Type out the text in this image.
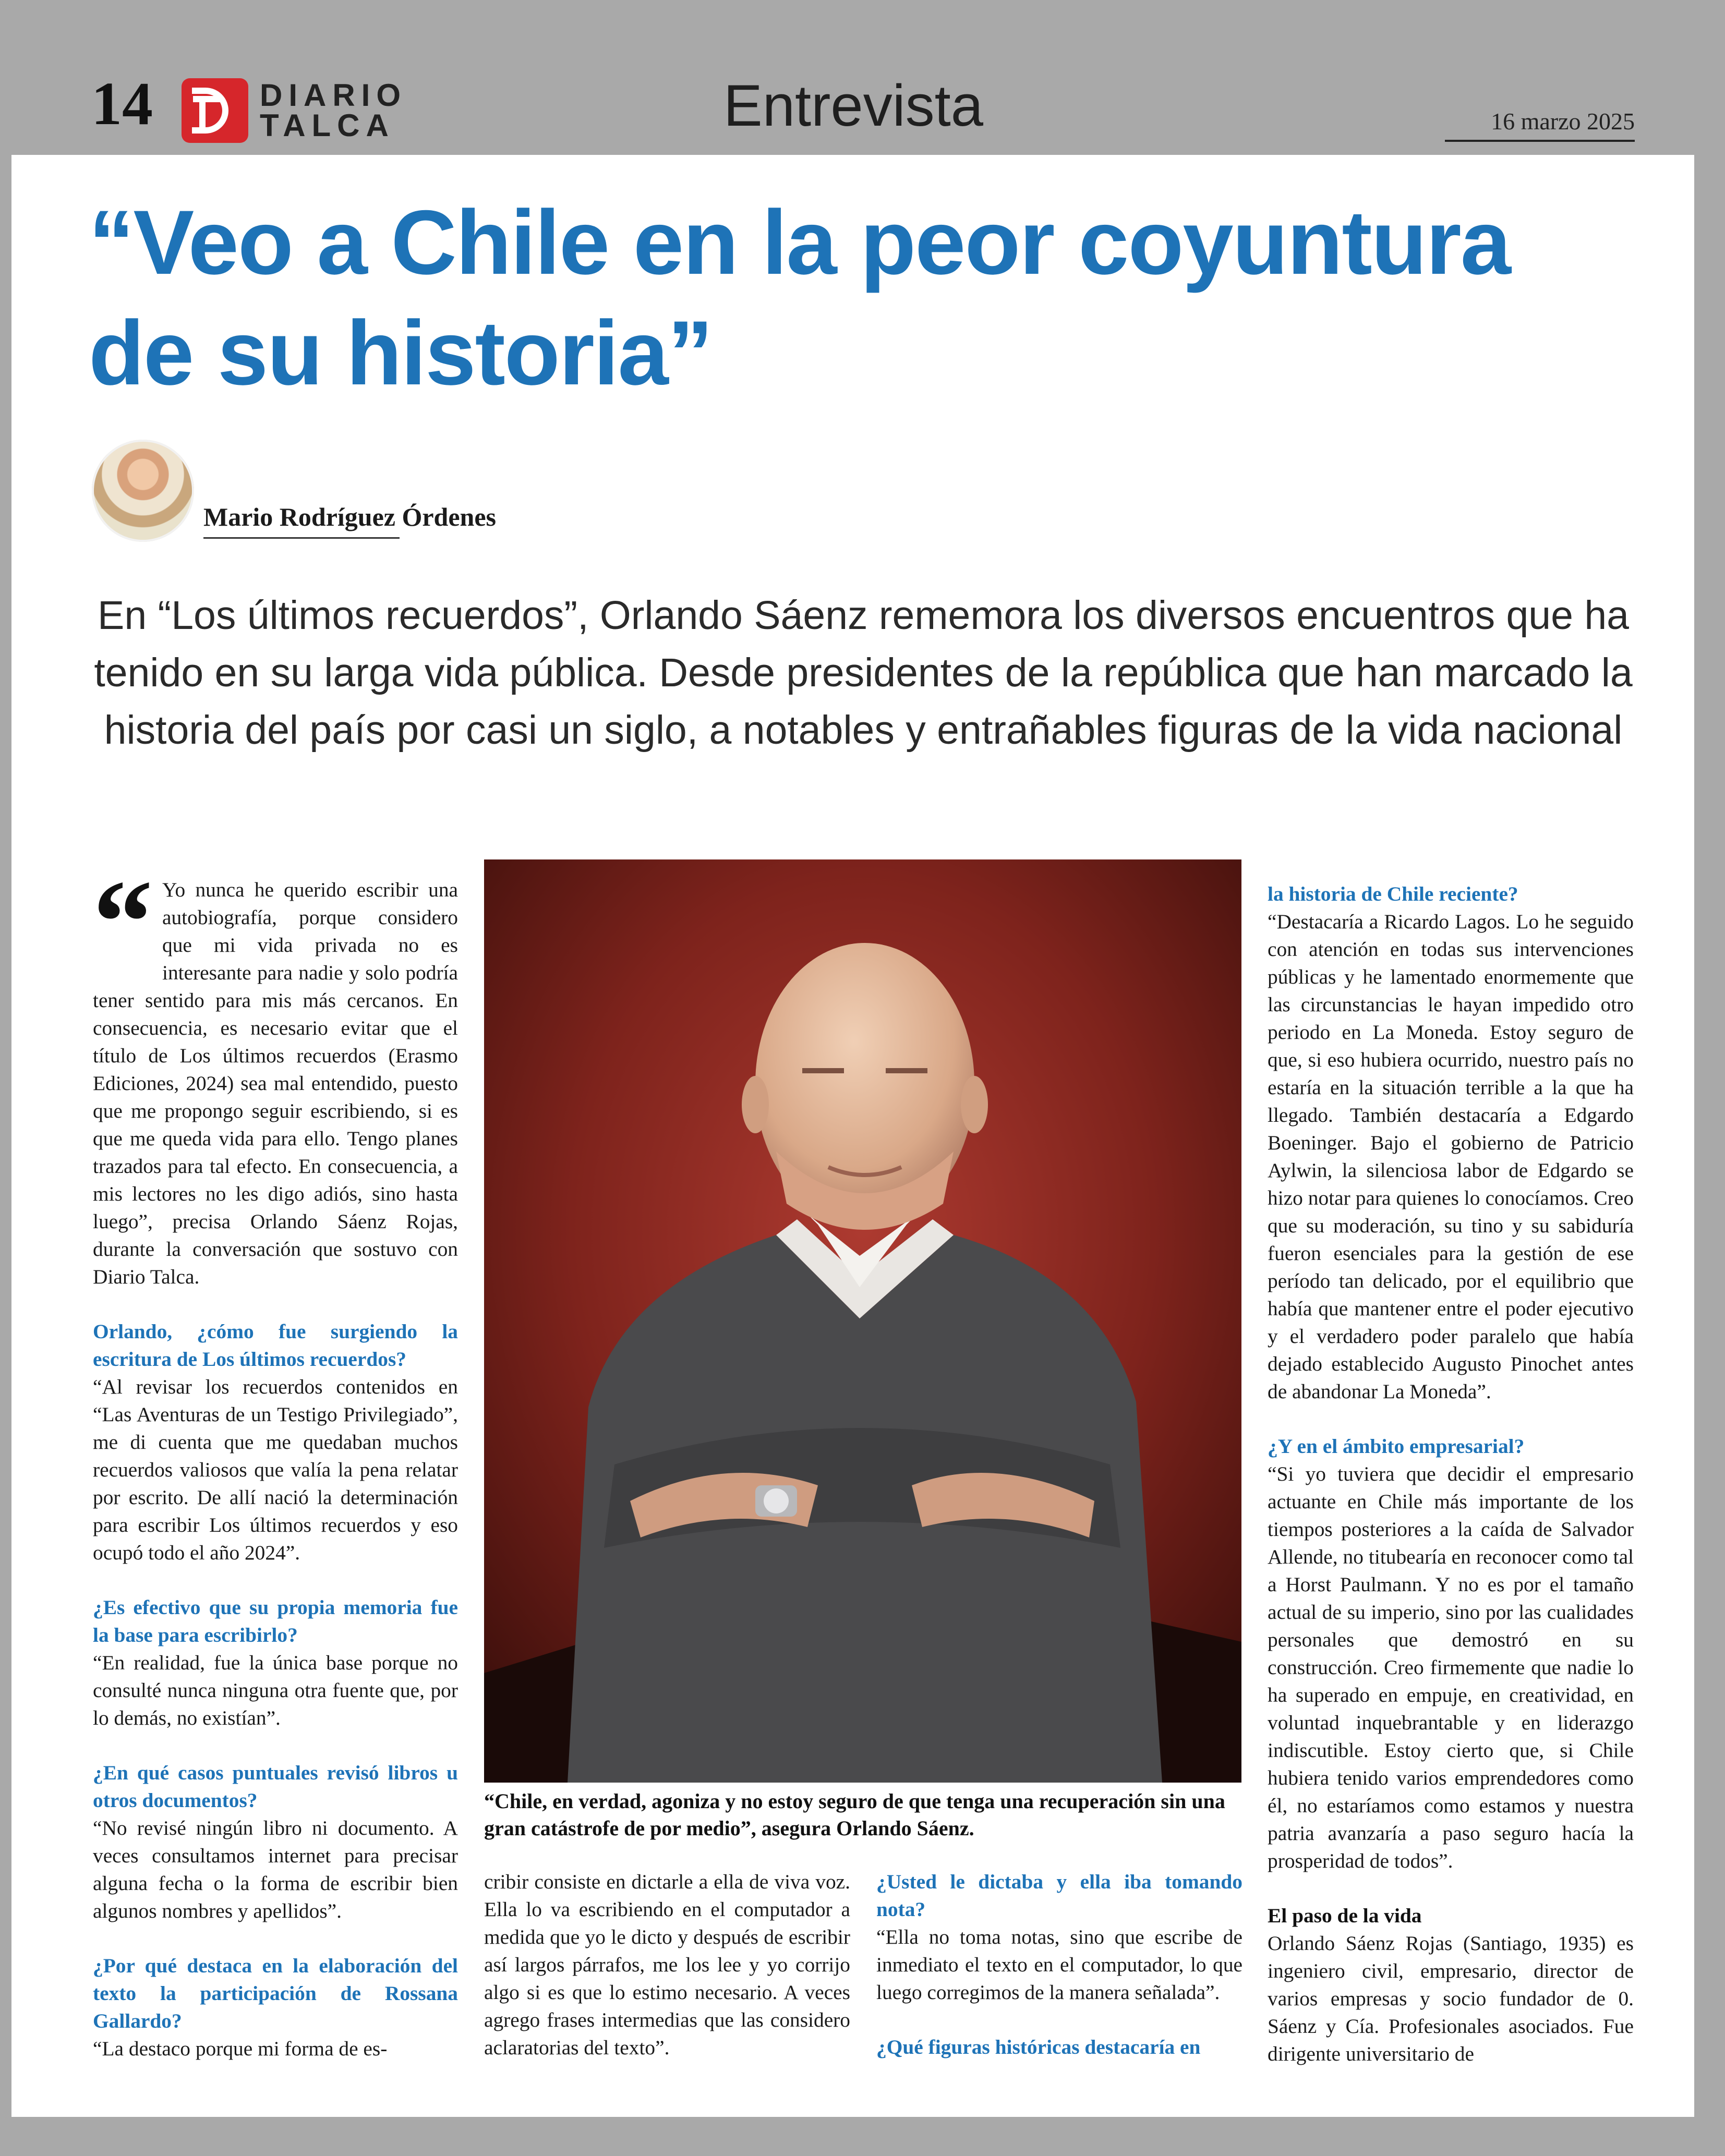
14	DIARIO
TALCA	Entrevista	16 marzo 2025
“Veo a Chile en la peor coyuntura de su historia”
Mario Rodríguez Órdenes

En “Los últimos recuerdos”, Orlando Sáenz rememora los diversos encuentros que ha tenido en su larga vida pública. Desde presidentes de la república que han marcado la historia del país por casi un siglo, a notables y entrañables figuras de la vida nacional

“ Yo nunca he querido escribir una autobiografía, porque considero que mi vida privada no es interesante para nadie y solo podría tener sentido para mis más cercanos. En consecuencia, es necesario evitar que el título de Los últimos recuerdos (Erasmo Ediciones, 2024) sea mal entendido, puesto que me propongo seguir escribiendo, si es que me queda vida para ello. Tengo planes trazados para tal efecto. En consecuencia, a mis lectores no les digo adiós, sino hasta luego”, precisa Orlando Sáenz Rojas, durante la conversación que sostuvo con Diario Talca.

Orlando, ¿cómo fue surgiendo la escritura de Los últimos recuerdos?

“Al revisar los recuerdos contenidos en “Las Aventuras de un Testigo Privilegiado”, me di cuenta que me quedaban muchos recuerdos valiosos que valía la pena relatar por escrito. De allí nació la determinación para escribir Los últimos recuerdos y eso ocupó todo el año 2024”.

¿Es efectivo que su propia memoria fue la base para escribirlo?

“En realidad, fue la única base porque no consulté nunca ninguna otra fuente que, por lo demás, no existían”.

¿En qué casos puntuales revisó libros u otros documentos?

“No revisé ningún libro ni documento. A veces consultamos internet para precisar alguna fecha o la forma de escribir bien algunos nombres y apellidos”.

¿Por qué destaca en la elaboración del texto la participación de Rossana Gallardo?

“La destaco porque mi forma de es-

“Chile, en verdad, agoniza y no estoy seguro de que tenga una recuperación sin una gran catástrofe de por medio”, asegura Orlando Sáenz.

cribir consiste en dictarle a ella de viva voz. Ella lo va escribiendo en el computador a medida que yo le dicto y después de escribir así largos párrafos, me los lee y yo corrijo algo si es que lo estimo necesario. A veces agrego frases intermedias que las considero aclaratorias del texto”.

¿Usted le dictaba y ella iba tomando nota?

“Ella no toma notas, sino que escribe de inmediato el texto en el computador, lo que luego corregimos de la manera señalada”.

¿Qué figuras históricas destacaría en

la historia de Chile reciente?

“Destacaría a Ricardo Lagos. Lo he seguido con atención en todas sus intervenciones públicas y he lamentado enormemente que las circunstancias le hayan impedido otro periodo en La Moneda. Estoy seguro de que, si eso hubiera ocurrido, nuestro país no estaría en la situación terrible a la que ha llegado. También destacaría a Edgardo Boeninger. Bajo el gobierno de Patricio Aylwin, la silenciosa labor de Edgardo se hizo notar para quienes lo conocíamos. Creo que su moderación, su tino y su sabiduría fueron esenciales para la gestión de ese período tan delicado, por el equilibrio que había que mantener entre el poder ejecutivo y el verdadero poder paralelo que había dejado establecido Augusto Pinochet antes de abandonar La Moneda”.

¿Y en el ámbito empresarial?

“Si yo tuviera que decidir el empresario actuante en Chile más importante de los tiempos posteriores a la caída de Salvador Allende, no titubearía en reconocer como tal a Horst Paulmann. Y no es por el tamaño actual de su imperio, sino por las cualidades personales que demostró en su construcción. Creo firmemente que nadie lo ha superado en empuje, en creatividad, en voluntad inquebrantable y en liderazgo indiscutible. Estoy cierto que, si Chile hubiera tenido varios emprendedores como él, no estaríamos como estamos y nuestra patria avanzaría a paso seguro hacía la prosperidad de todos”.

El paso de la vida

Orlando Sáenz Rojas (Santiago, 1935) es ingeniero civil, empresario, director de varios empresas y socio fundador de 0. Sáenz y Cía. Profesionales asociados. Fue dirigente universitario de
